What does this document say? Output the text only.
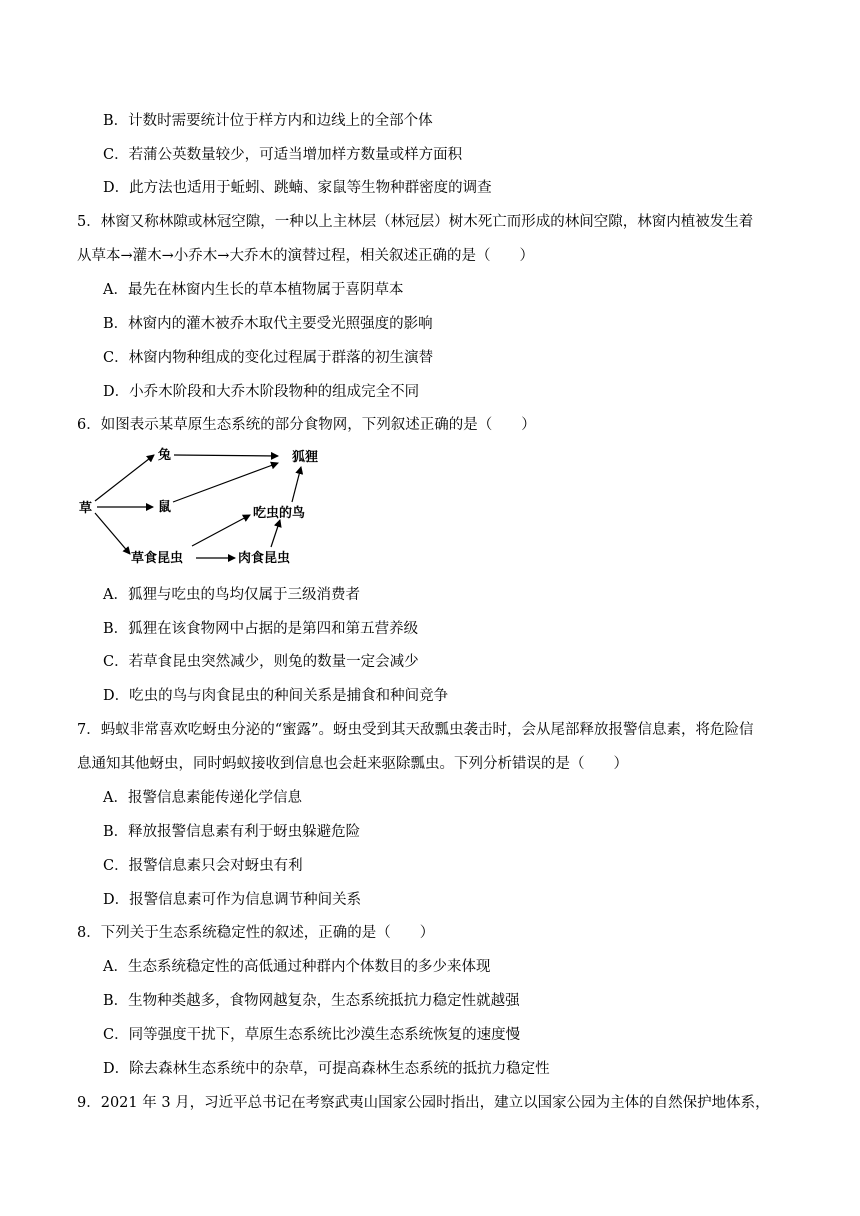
B．计数时需要统计位于样方内和边线上的全部个体
C．若蒲公英数量较少，可适当增加样方数量或样方面积
D．此方法也适用于蚯蚓、跳蝻、家鼠等生物种群密度的调查
5．林窗又称林隙或林冠空隙，一种以上主林层（林冠层）树木死亡而形成的林间空隙，林窗内植被发生着
从草本→灌木→小乔木→大乔木的演替过程，相关叙述正确的是（　　）
A．最先在林窗内生长的草本植物属于喜阴草本
B．林窗内的灌木被乔木取代主要受光照强度的影响
C．林窗内物种组成的变化过程属于群落的初生演替
D．小乔木阶段和大乔木阶段物种的组成完全不同
6．如图表示某草原生态系统的部分食物网，下列叙述正确的是（　　）
草
兔
鼠
草食昆虫	肉食昆虫
吃虫的鸟
狐狸
A．狐狸与吃虫的鸟均仅属于三级消费者
B．狐狸在该食物网中占据的是第四和第五营养级
C．若草食昆虫突然减少，则兔的数量一定会减少
D．吃虫的鸟与肉食昆虫的种间关系是捕食和种间竞争
7．蚂蚁非常喜欢吃蚜虫分泌的“蜜露”。蚜虫受到其天敌瓢虫袭击时，会从尾部释放报警信息素，将危险信
息通知其他蚜虫，同时蚂蚁接收到信息也会赶来驱除瓢虫。下列分析错误的是（　　）
A．报警信息素能传递化学信息
B．释放报警信息素有利于蚜虫躲避危险
C．报警信息素只会对蚜虫有利
D．报警信息素可作为信息调节种间关系
8．下列关于生态系统稳定性的叙述，正确的是（　　）
A．生态系统稳定性的高低通过种群内个体数目的多少来体现
B．生物种类越多，食物网越复杂，生态系统抵抗力稳定性就越强
C．同等强度干扰下，草原生态系统比沙漠生态系统恢复的速度慢
D．除去森林生态系统中的杂草，可提高森林生态系统的抵抗力稳定性
9．2021 年 3 月，习近平总书记在考察武夷山国家公园时指出，建立以国家公园为主体的自然保护地体系，
